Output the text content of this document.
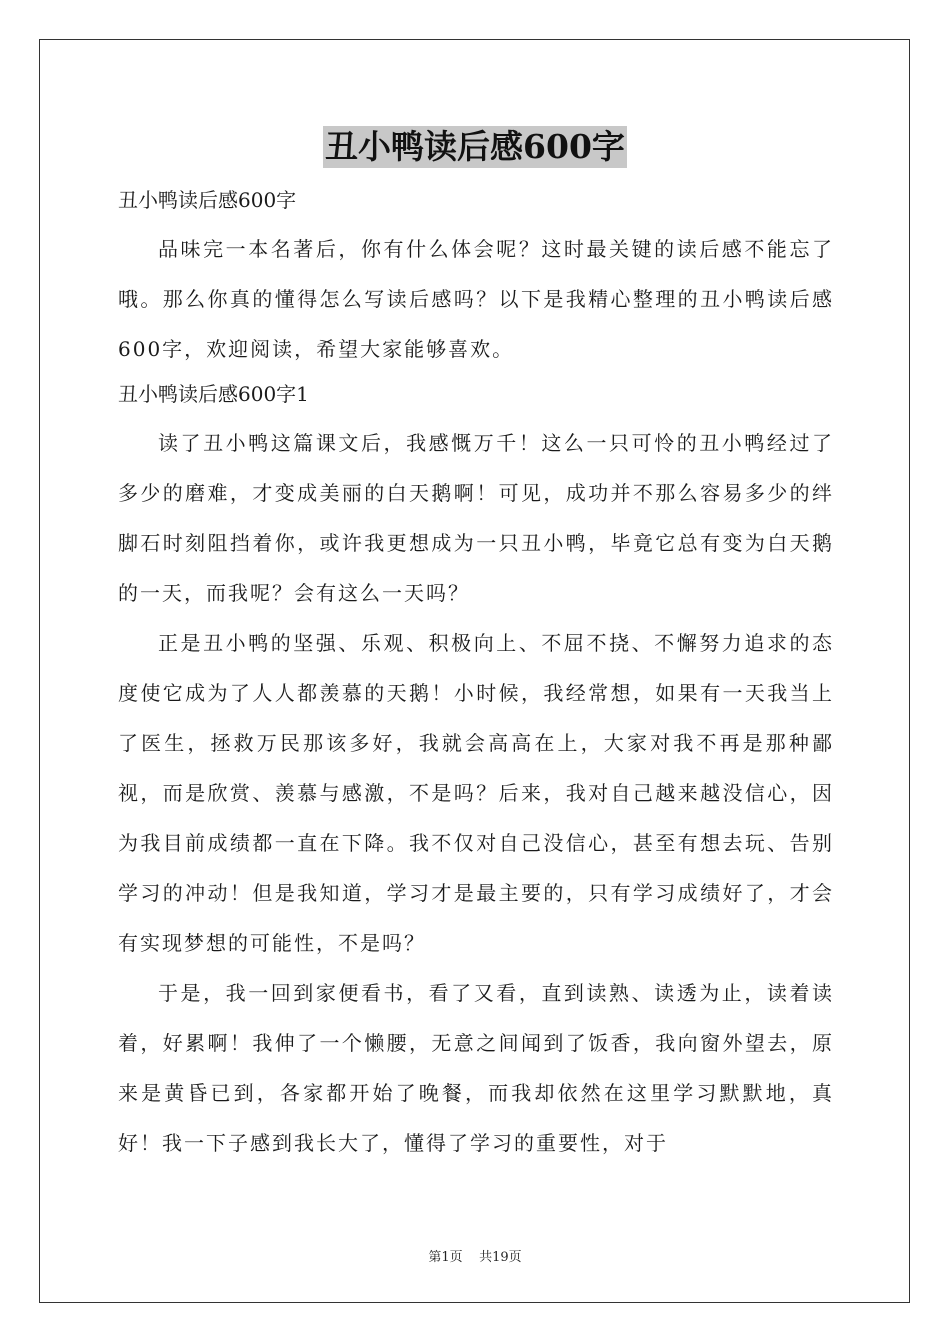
丑小鸭读后感600字
丑小鸭读后感600字

品味完一本名著后，你有什么体会呢？这时最关键的读后感不能忘了哦。那么你真的懂得怎么写读后感吗？以下是我精心整理的丑小鸭读后感600字，欢迎阅读，希望大家能够喜欢。

丑小鸭读后感600字1

读了丑小鸭这篇课文后，我感慨万千！这么一只可怜的丑小鸭经过了多少的磨难，才变成美丽的白天鹅啊！可见，成功并不那么容易多少的绊脚石时刻阻挡着你，或许我更想成为一只丑小鸭，毕竟它总有变为白天鹅的一天，而我呢？会有这么一天吗？

正是丑小鸭的坚强、乐观、积极向上、不屈不挠、不懈努力追求的态度使它成为了人人都羡慕的天鹅！小时候，我经常想，如果有一天我当上了医生，拯救万民那该多好，我就会高高在上，大家对我不再是那种鄙视，而是欣赏、羡慕与感激，不是吗？后来，我对自己越来越没信心，因为我目前成绩都一直在下降。我不仅对自己没信心，甚至有想去玩、告别学习的冲动！但是我知道，学习才是最主要的，只有学习成绩好了，才会有实现梦想的可能性，不是吗？

于是，我一回到家便看书，看了又看，直到读熟、读透为止，读着读着，好累啊！我伸了一个懒腰，无意之间闻到了饭香，我向窗外望去，原来是黄昏已到，各家都开始了晚餐，而我却依然在这里学习默默地，真好！我一下子感到我长大了，懂得了学习的重要性，对于

第1页    共19页
